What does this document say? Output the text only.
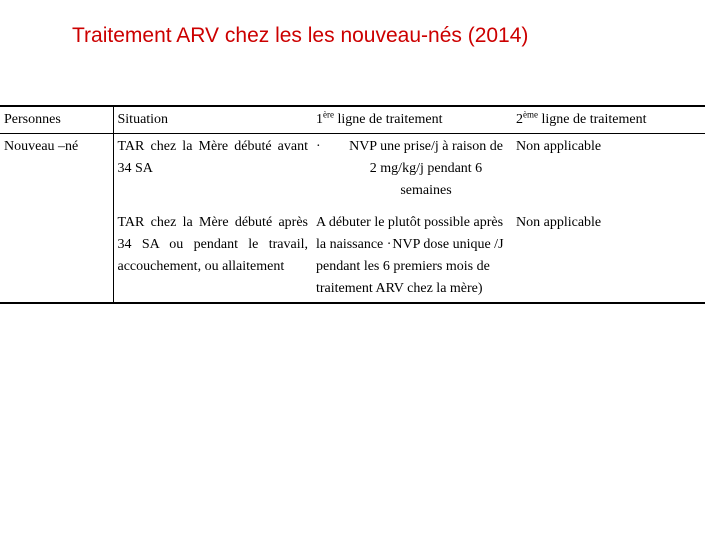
Traitement ARV chez les les nouveau-nés (2014)
Personnes	Situation	1ère ligne de traitement	2ème ligne de traitement
Nouveau –né	TAR chez la Mère débuté avant 34 SA	· NVP une prise/j à raison de 2 mg/kg/j pendant 6 semaines	Non applicable
	TAR chez la Mère débuté après 34 SA ou pendant le travail, accouchement, ou allaitement	A débuter le plutôt possible après la naissance ·NVP dose unique /J pendant les 6 premiers mois de traitement ARV chez la mère)	Non applicable
